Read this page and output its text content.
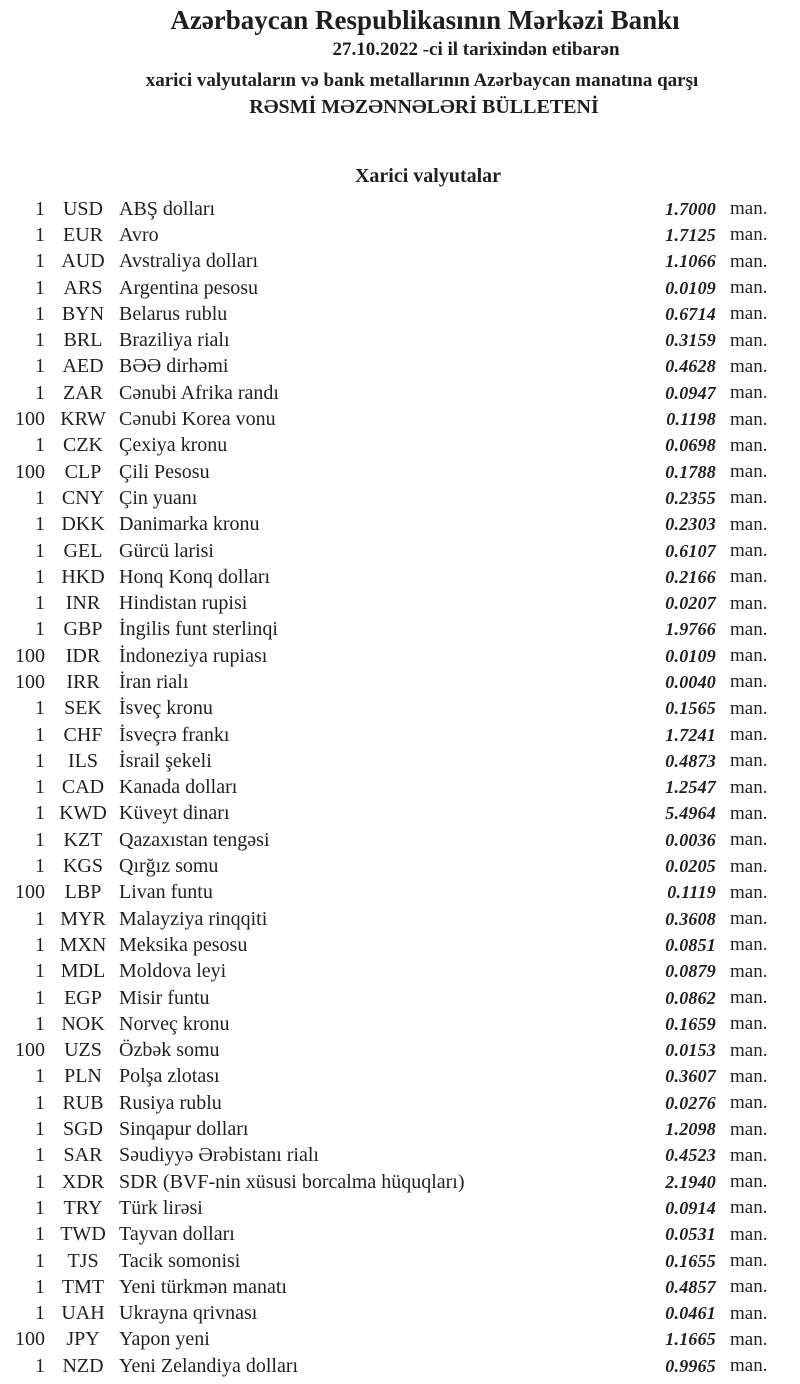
Azərbaycan Respublikasının Mərkəzi Bankı
27.10.2022 -ci il tarixindən etibarən
xarici valyutaların və bank metallarının Azərbaycan manatına qarşı
RƏSMİ MƏZƏNNƏLƏRİ BÜLLETENİ
Xarici valyutalar
1 USD ABŞ dolları	1.7000 man.
1 EUR Avro	1.7125 man.
1 AUD Avstraliya dolları	1.1066 man.
1 ARS Argentina pesosu	0.0109 man.
1 BYN Belarus rublu	0.6714 man.
1 BRL Braziliya rialı	0.3159 man.
1 AED BƏƏ dirhəmi	0.4628 man.
1 ZAR Cənubi Afrika randı	0.0947 man.
100 KRW Cənubi Korea vonu	0.1198 man.
1 CZK Çexiya kronu	0.0698 man.
100 CLP Çili Pesosu	0.1788 man.
1 CNY Çin yuanı	0.2355 man.
1 DKK Danimarka kronu	0.2303 man.
1 GEL Gürcü larisi	0.6107 man.
1 HKD Honq Konq dolları	0.2166 man.
1	INR Hindistan rupisi	0.0207 man.
1 GBP İngilis funt sterlinqi	1.9766 man.
100	IDR İndoneziya rupiası	0.0109 man.
100	IRR İran rialı	0.0040 man.
1 SEK İsveç kronu	0.1565 man.
1 CHF İsveçrə frankı	1.7241 man.
1	ILS	İsrail şekeli	0.4873 man.
1 CAD Kanada dolları	1.2547 man.
1 KWD Küveyt dinarı	5.4964 man.
1 KZT Qazaxıstan tengəsi	0.0036 man.
1 KGS Qırğız somu	0.0205 man.
100 LBP Livan funtu	0.1119 man.
1 MYR Malayziya rinqqiti	0.3608 man.
1 MXN Meksika pesosu	0.0851 man.
1 MDL Moldova leyi	0.0879 man.
1 EGP Misir funtu	0.0862 man.
1 NOK Norveç kronu	0.1659 man.
100 UZS Özbək somu	0.0153 man.
1 PLN Polşa zlotası	0.3607 man.
1 RUB Rusiya rublu	0.0276 man.
1 SGD Sinqapur dolları	1.2098 man.
1 SAR Səudiyyə Ərəbistanı rialı	0.4523 man.
1 XDR SDR (BVF-nin xüsusi borcalma hüquqları)	2.1940 man.
1 TRY Türk lirəsi	0.0914 man.
1 TWD Tayvan dolları	0.0531 man.
1	TJS	Tacik somonisi	0.1655 man.
1 TMT Yeni türkmən manatı	0.4857 man.
1 UAH Ukrayna qrivnası	0.0461 man.
100	JPY Yapon yeni	1.1665 man.
1 NZD Yeni Zelandiya dolları	0.9965 man.
